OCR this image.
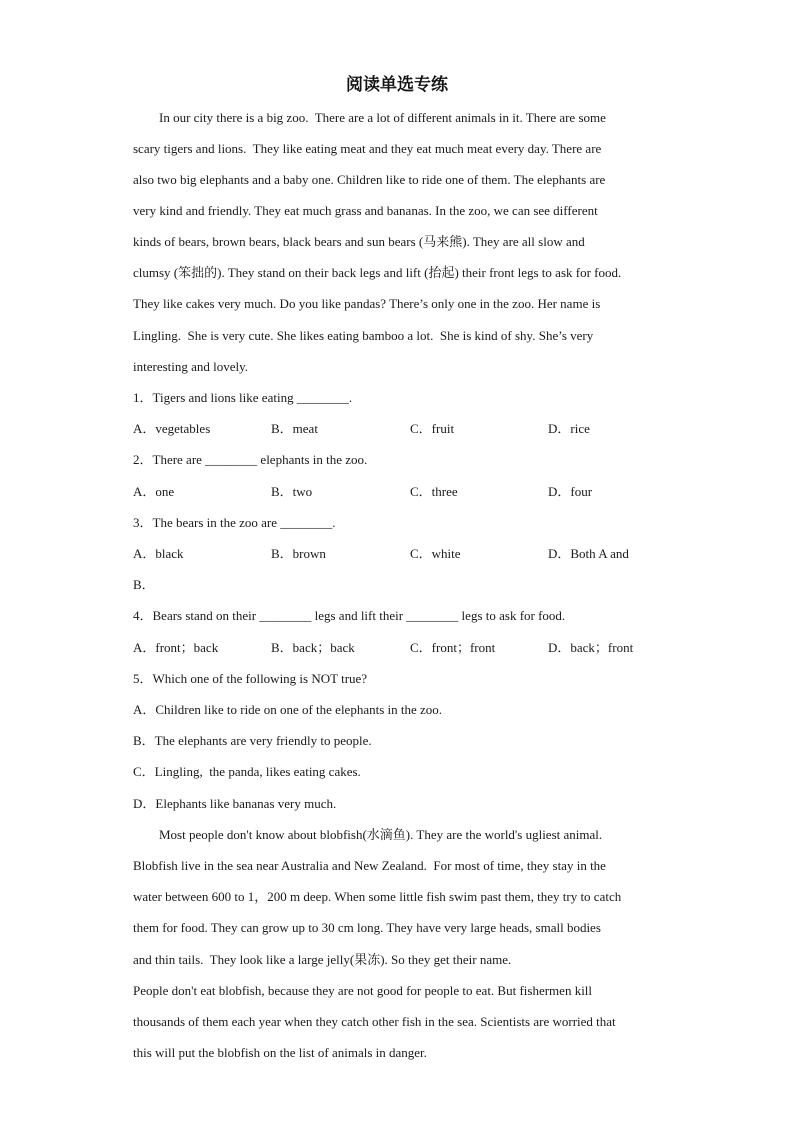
阅读单选专练
In our city there is a big zoo.  There are a lot of different animals in it. There are some
scary tigers and lions.  They like eating meat and they eat much meat every day. There are
also two big elephants and a baby one. Children like to ride one of them. The elephants are
very kind and friendly. They eat much grass and bananas. In the zoo, we can see different
kinds of bears, brown bears, black bears and sun bears (马来熊). They are all slow and
clumsy (笨拙的). They stand on their back legs and lift (抬起) their front legs to ask for food.
They like cakes very much. Do you like pandas? There’s only one in the zoo. Her name is
Lingling.  She is very cute. She likes eating bamboo a lot.  She is kind of shy. She’s very
interesting and lovely.
1．Tigers and lions like eating ________.
A．vegetables	B．meat	C．fruit	D．rice
2．There are ________ elephants in the zoo.
A．one	B．two	C．three	D．four
3．The bears in the zoo are ________.
A．black	B．brown	C．white	D．Both A and
B．
4．Bears stand on their ________ legs and lift their ________ legs to ask for food.
A．front；back	B．back；back	C．front；front	D．back；front
5．Which one of the following is NOT true?
A．Children like to ride on one of the elephants in the zoo.
B．The elephants are very friendly to people.
C．Lingling,  the panda, likes eating cakes.
D．Elephants like bananas very much.
Most people don't know about blobfish(水滴鱼). They are the world's ugliest animal.
Blobfish live in the sea near Australia and New Zealand.  For most of time, they stay in the
water between 600 to 1，200 m deep. When some little fish swim past them, they try to catch
them for food. They can grow up to 30 cm long. They have very large heads, small bodies
and thin tails.  They look like a large jelly(果冻). So they get their name.
People don't eat blobfish, because they are not good for people to eat. But fishermen kill
thousands of them each year when they catch other fish in the sea. Scientists are worried that
this will put the blobfish on the list of animals in danger.
